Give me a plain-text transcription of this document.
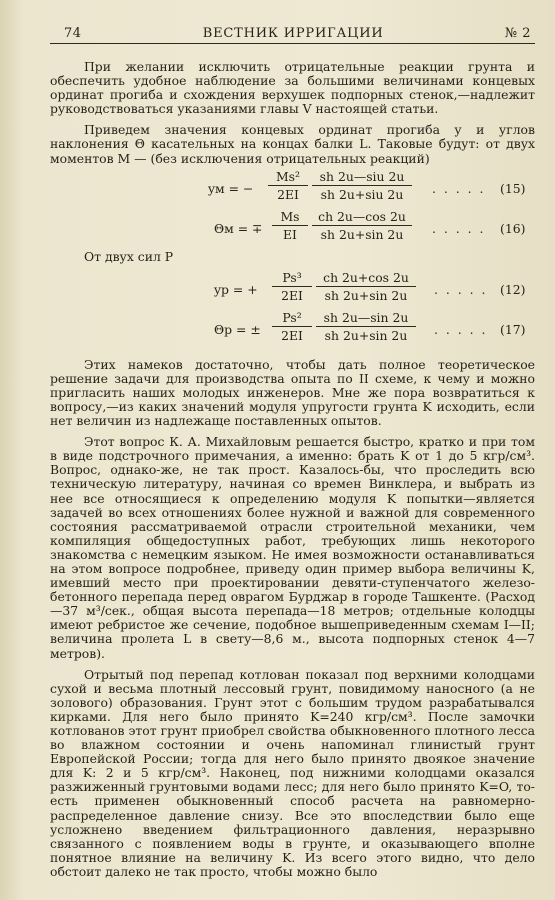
74	ВЕСТНИК ИРРИГАЦИИ	№ 2

При желании исключить отрицательные реакции грунта и обеспечить удобное наблюдение за большими величинами концевых ординат прогиба и схождения верхушек подпорных стенок,—надлежит руководствоваться указаниями главы V настоящей статьи.

Приведем значения концевых ординат прогиба y и углов наклонения Θ касательных на концах балки L. Таковые будут: от двух моментов M — (без исключения отрицательных реакций)

yм = − $\frac{\text{Ms²}}{2EI}$ sh 2u—siu 2u
sh 2u+siu 2u	. . . . . (15)
Θм = ∓ $\frac{Ms}{EI} \frac{ch 2u—\cos 2u}{sh 2u+\sin 2u}$ . . . . . (16)
От двух сил P
yp = + $\frac{\text{Ps³}}{2EI} \frac{ch 2u+\cos 2u}{sh 2u+\sin 2u}$ . . . . . (12)
Θp = ± $\frac{\text{Ps²}}{2EI} \frac{sh 2u—\sin 2u}{sh 2u+\sin 2u}$ . . . . . (17)

Этих намеков достаточно, чтобы дать полное теоретическое решение задачи для производства опыта по II схеме, к чему и можно пригласить наших молодых инженеров. Мне же пора возвратиться к вопросу,—из каких значений модуля упругости грунта K исходить, если нет величин из надлежаще поставленных опытов.

Этот вопрос К. А. Михайловым решается быстро, кратко и при том в виде подстрочного примечания, а именно: брать K от 1 до 5 кгр/см³. Вопрос, однако-же, не так прост. Казалось-бы, что проследить всю техническую литературу, начиная со времен Винклера, и выбрать из нее все относящиеся к определению модуля K попытки—является задачей во всех отношениях более нужной и важной для современного состояния рассматриваемой отрасли строительной механики, чем компиляция общедоступных работ, требующих лишь некоторого знакомства с немецким языком. Не имея возможности останавливаться на этом вопросе подробнее, приведу один пример выбора величины K, имевший место при проектировании девяти-ступенчатого железо-бетонного перепада перед оврагом Бурджар в городе Ташкенте. (Расход—37 м³/сек., общая высота перепада—18 метров; отдельные колодцы имеют ребристое же сечение, подобное вышеприведенным схемам I—II; величина пролета L в свету—8,6 м., высота подпорных стенок 4—7 метров).

Отрытый под перепад котлован показал под верхними колодцами сухой и весьма плотный лессовый грунт, повидимому наносного (а не золового) образования. Грунт этот с большим трудом разрабатывался кирками. Для него было принято K=240 кгр/см³. После замочки котлованов этот грунт приобрел свойства обыкновенного плотного лесса во влажном состоянии и очень напоминал глинистый грунт Европейской России; тогда для него было принято двоякое значение для K: 2 и 5 кгр/см³. Наконец, под нижними колодцами оказался разжиженный грунтовыми водами лесс; для него было принято K=O, то-есть применен обыкновенный способ расчета на равномерно-распределенное давление снизу. Все это впоследствии было еще усложнено введением фильтрационного давления, неразрывно связанного с появлением воды в грунте, и оказывающего вполне понятное влияние на величину K. Из всего этого видно, что дело обстоит далеко не так просто, чтобы можно было
